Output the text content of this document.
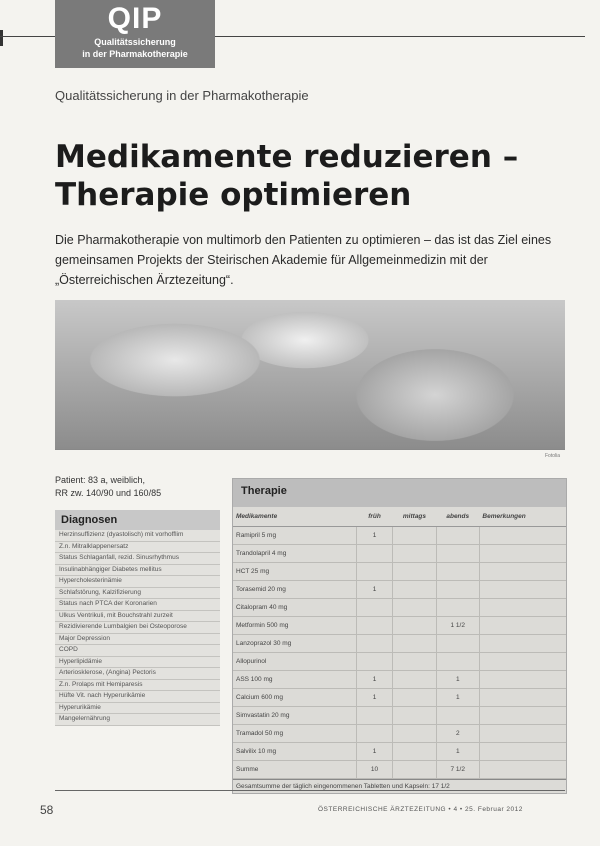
QIP
Qualitätssicherung
in der Pharmakotherapie
Qualitätssicherung in der Pharmakotherapie
Medikamente reduzieren –
Therapie optimieren

Die Pharmakotherapie von multimorb den Patienten zu optimieren – das ist das Ziel eines gemeinsamen Projekts der Steirischen Akademie für Allgemeinmedizin mit der „Österreichischen Ärztezeitung“.

Fotolia
Patient: 83 a, weiblich,
RR zw. 140/90 und 160/85
Diagnosen
Herzinsuffizienz (dyastolisch) mit vorhofflim
Z.n. Mitralklappenersatz
Status Schlaganfall, rezid. Sinusrhythmus
Insulinabhängiger Diabetes mellitus
Hypercholesterinämie
Schlafstörung, Kalzifizierung
Status nach PTCA der Koronarien
Ulkus Ventrikuli, mit Bouchstrahl zurzeit
Rezidivierende Lumbalgien bei Osteoporose
Major Depression
COPD
Hyperlipidämie
Arteriosklerose, (Angina) Pectoris
Z.n. Prolaps mit Hemiparesis
Hüfte Vit. nach Hyperurikämie
Hyperurikämie
Mangelernährung
Therapie
Medikamente	früh	mittags	abends	Bemerkungen
Ramipril 5 mg	1			
Trandolapril 4 mg				
HCT 25 mg				
Torasemid 20 mg	1			
Citalopram 40 mg				
Metformin 500 mg			1 1/2	
Lanzoprazol 30 mg				
Allopurinol				
ASS 100 mg	1		1	
Calcium 600 mg	1		1	
Simvastatin 20 mg				
Tramadol 50 mg			2	
Salvilix 10 mg	1		1	
Summe	10		7 1/2	
Gesamtsumme der täglich eingenommenen Tabletten und Kapseln: 17 1/2
58	ÖSTERREICHISCHE ÄRZTEZEITUNG • 4 • 25. Februar 2012
